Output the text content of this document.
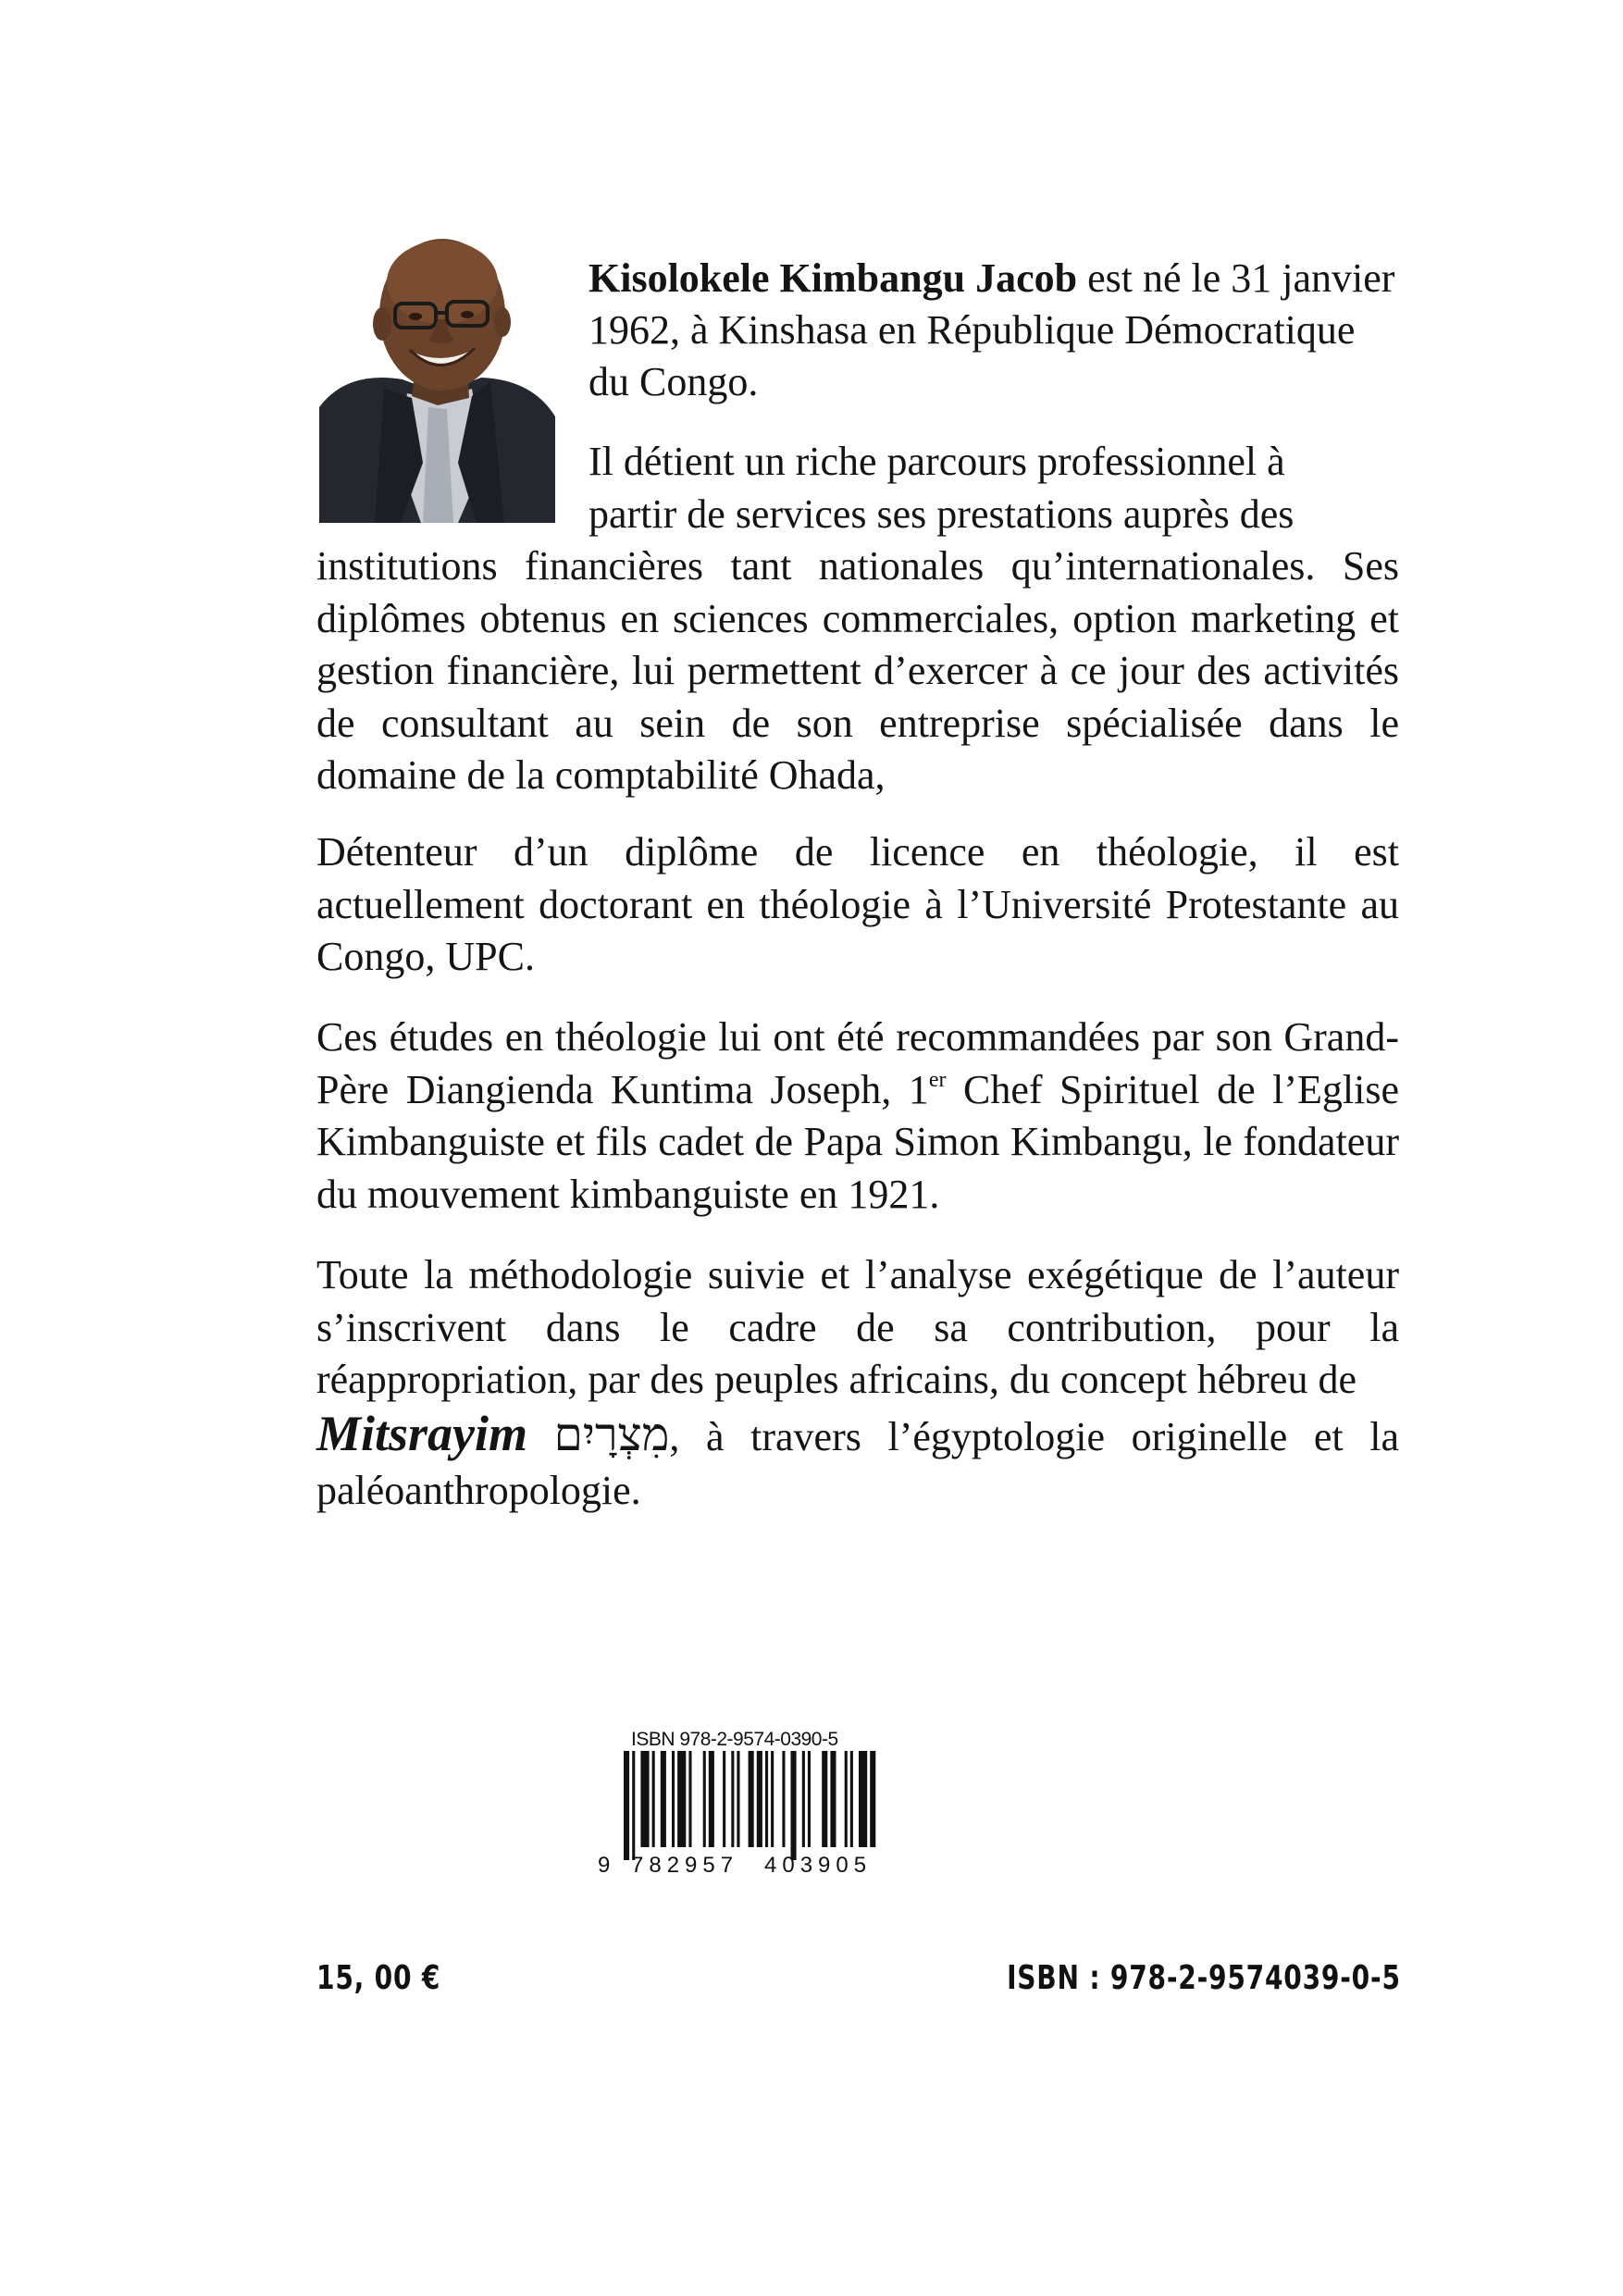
Kisolokele Kimbangu Jacob est né le 31 janvier 1962, à Kinshasa en République Démocratique du Congo.

Il détient un riche parcours professionnel à
partir de services ses prestations auprès des
institutions financières tant nationales qu’internationales. Ses diplômes obtenus en sciences commerciales, option marketing et gestion financière, lui permettent d’exercer à ce jour des activités de consultant au sein de son entreprise spécialisée dans le domaine de la comptabilité Ohada,
Détenteur d’un diplôme de licence en théologie, il est actuellement doctorant en théologie à l’Université Protestante au Congo, UPC.
Ces études en théologie lui ont été recommandées par son Grand-Père Diangienda Kuntima Joseph, 1er Chef Spirituel de l’Eglise Kimbanguiste et fils cadet de Papa Simon Kimbangu, le fondateur du mouvement kimbanguiste en 1921.
Toute la méthodologie suivie et l’analyse exégétique de l’auteur s’inscrivent dans le cadre de sa contribution, pour la réappropriation, par des peuples africains, du concept hébreu de
Mitsrayim מִצְרָיִם, à travers l’égyptologie originelle et la paléoanthropologie.
ISBN 978-2-9574-0390-5
9 782957 403905
15, 00 €	ISBN : 978-2-9574039-0-5
